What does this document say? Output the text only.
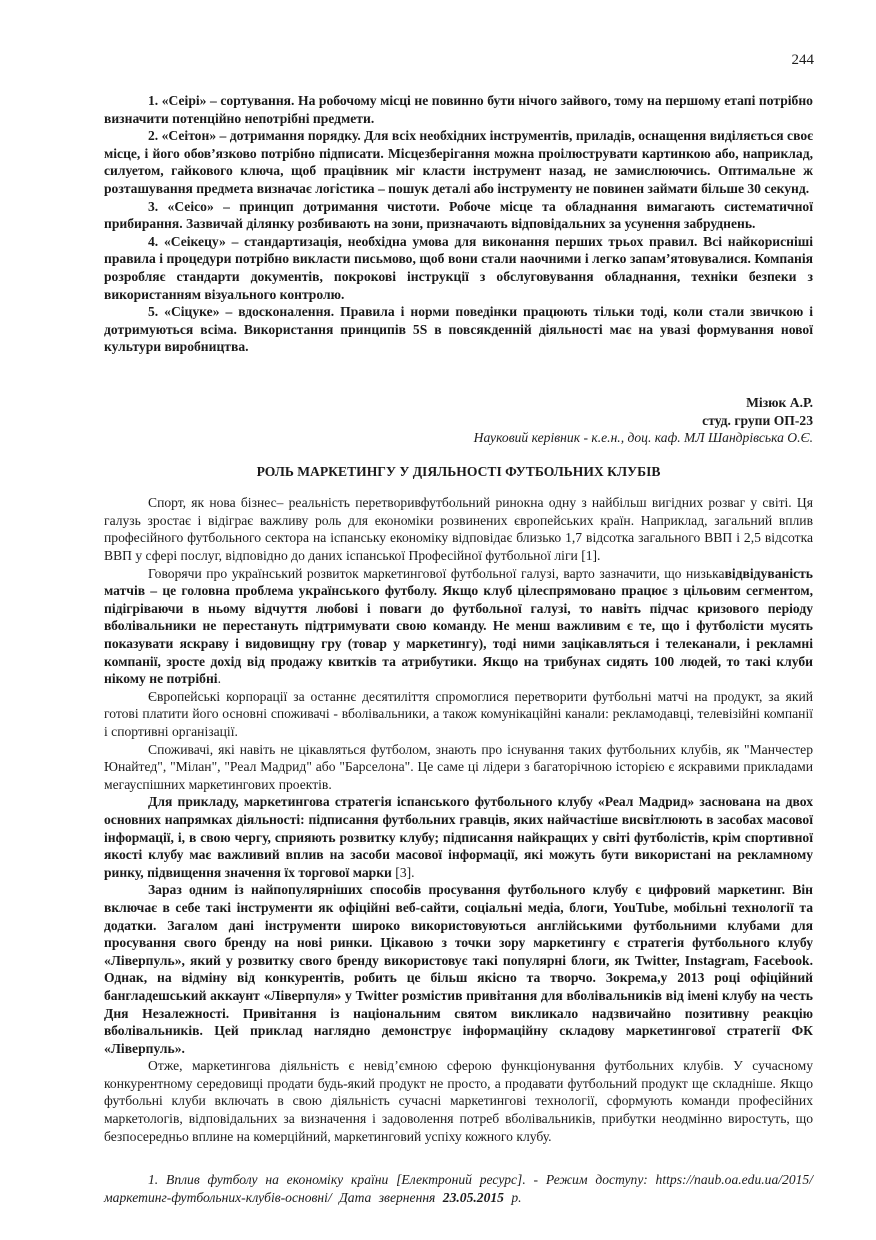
244

1. «Сеірі» – сортування. На робочому місці не повинно бути нічого зайвого, тому на першому етапі потрібно визначити потенційно непотрібні предмети.

2. «Сеітон» – дотримання порядку. Для всіх необхідних інструментів, приладів, оснащення виділяється своє місце, і його обов’язково потрібно підписати. Місцезберігання можна проілюструвати картинкою або, наприклад, силуетом, гайкового ключа, щоб працівник міг класти інструмент назад, не замислюючись. Оптимальне ж розташування предмета визначає логістика – пошук деталі або інструменту не повинен займати більше 30 секунд.

3. «Сеісо» – принцип дотримання чистоти. Робоче місце та обладнання вимагають систематичної прибирання. Зазвичай ділянку розбивають на зони, призначають відповідальних за усунення забруднень.

4. «Сеікецу» – стандартизація, необхідна умова для виконання перших трьох правил. Всі найкорисніші правила і процедури потрібно викласти письмово, щоб вони стали наочними і легко запам’ятовувалися. Компанія розробляє стандарти документів, покрокові інструкції з обслуговування обладнання, техніки безпеки з використанням візуального контролю.

5. «Сіцуке» – вдосконалення. Правила і норми поведінки працюють тільки тоді, коли стали звичкою і дотримуються всіма. Використання принципів 5S в повсякденній діяльності має на увазі формування нової культури виробництва.

Мізюк А.Р.
студ. групи ОП-23
Науковий керівник - к.е.н., доц. каф. МЛ Шандрівська О.Є.
РОЛЬ МАРКЕТИНГУ У ДІЯЛЬНОСТІ ФУТБОЛЬНИХ КЛУБІВ

Спорт, як нова бізнес– реальність перетворивфутбольний ринокна одну з найбільш вигідних розваг у світі. Ця галузь зростає і відіграє важливу роль для економіки розвинених європейських країн. Наприклад, загальний вплив професійного футбольного сектора на іспанську економіку відповідає близько 1,7 відсотка загального ВВП і 2,5 відсотка ВВП у сфері послуг, відповідно до даних іспанської Професійної футбольної ліги [1].

Говорячи про український розвиток маркетингової футбольної галузі, варто зазначити, що низькавідвідуваність матчів – це головна проблема українського футболу. Якщо клуб цілеспрямовано працює з цільовим сегментом, підігріваючи в ньому відчуття любові і поваги до футбольної галузі, то навіть підчас кризового періоду вболівальники не перестануть підтримувати свою команду. Не менш важливим є те, що і футболісти мусять показувати яскраву і видовищну гру (товар у маркетингу), тоді ними зацікавляться і телеканали, і рекламні компанії, зросте дохід від продажу квитків та атрибутики. Якщо на трибунах сидять 100 людей, то такі клуби нікому не потрібні.

Європейські корпорації за останнє десятиліття спромоглися перетворити футбольні матчі на продукт, за який готові платити його основні споживачі - вболівальники, а також комунікаційні канали: рекламодавці, телевізійні компанії і спортивні організації.

Споживачі, які навіть не цікавляться футболом, знають про існування таких футбольних клубів, як "Манчестер Юнайтед", "Мілан", "Реал Мадрид" або "Барселона". Це саме ці лідери з багаторічною історією є яскравими прикладами мегауспішних маркетингових проектів.

Для прикладу, маркетингова стратегія іспанського футбольного клубу «Реал Мадрид» заснована на двох основних напрямках діяльності: підписання футбольних гравців, яких найчастіше висвітлюють в засобах масової інформації, і, в свою чергу, сприяють розвитку клубу; підписання найкращих у світі футболістів, крім спортивної якості клубу має важливий вплив на засоби масової інформації, які можуть бути використані на рекламному ринку, підвищення значення їх торгової марки [3].

Зараз одним із найпопулярніших способів просування футбольного клубу є цифровий маркетинг. Він включає в себе такі інструменти як офіційні веб-сайти, соціальні медіа, блоги, YouTube, мобільні технології та додатки. Загалом дані інструменти широко використовуються англійськими футбольними клубами для просування свого бренду на нові ринки. Цікавою з точки зору маркетингу є стратегія футбольного клубу «Ліверпуль», який у розвитку свого бренду використовує такі популярні блоги, як Twitter, Instagram, Facebook. Однак, на відміну від конкурентів, робить це більш якісно та творчо. Зокрема,у 2013 році офіційний бангладешський аккаунт «Ліверпуля» у Twitter розмістив привітання для вболівальників від імені клубу на честь Дня Незалежності. Привітання із національним святом викликало надзвичайно позитивну реакцію вболівальників. Цей приклад наглядно демонструє інформаційну складову маркетингової стратегії ФК «Ліверпуль».

Отже, маркетингова діяльність є невід’ємною сферою функціонування футбольних клубів. У сучасному конкурентному середовищі продати будь-який продукт не просто, а продавати футбольний продукт ще складніше. Якщо футбольні клуби включать в свою діяльність сучасні маркетингові технології, сформують команди професійних маркетологів, відповідальних за визначення і задоволення потреб вболівальників, прибутки неодмінно виростуть, що безпосередньо вплине на комерційний, маркетинговий успіху кожного клубу.

1. Вплив футболу на економіку країни [Електроний ресурс]. - Режим доступу: https://naub.oa.edu.ua/2015/маркетинг-футбольних-клубів-основні/ Дата звернення 23.05.2015 р.
